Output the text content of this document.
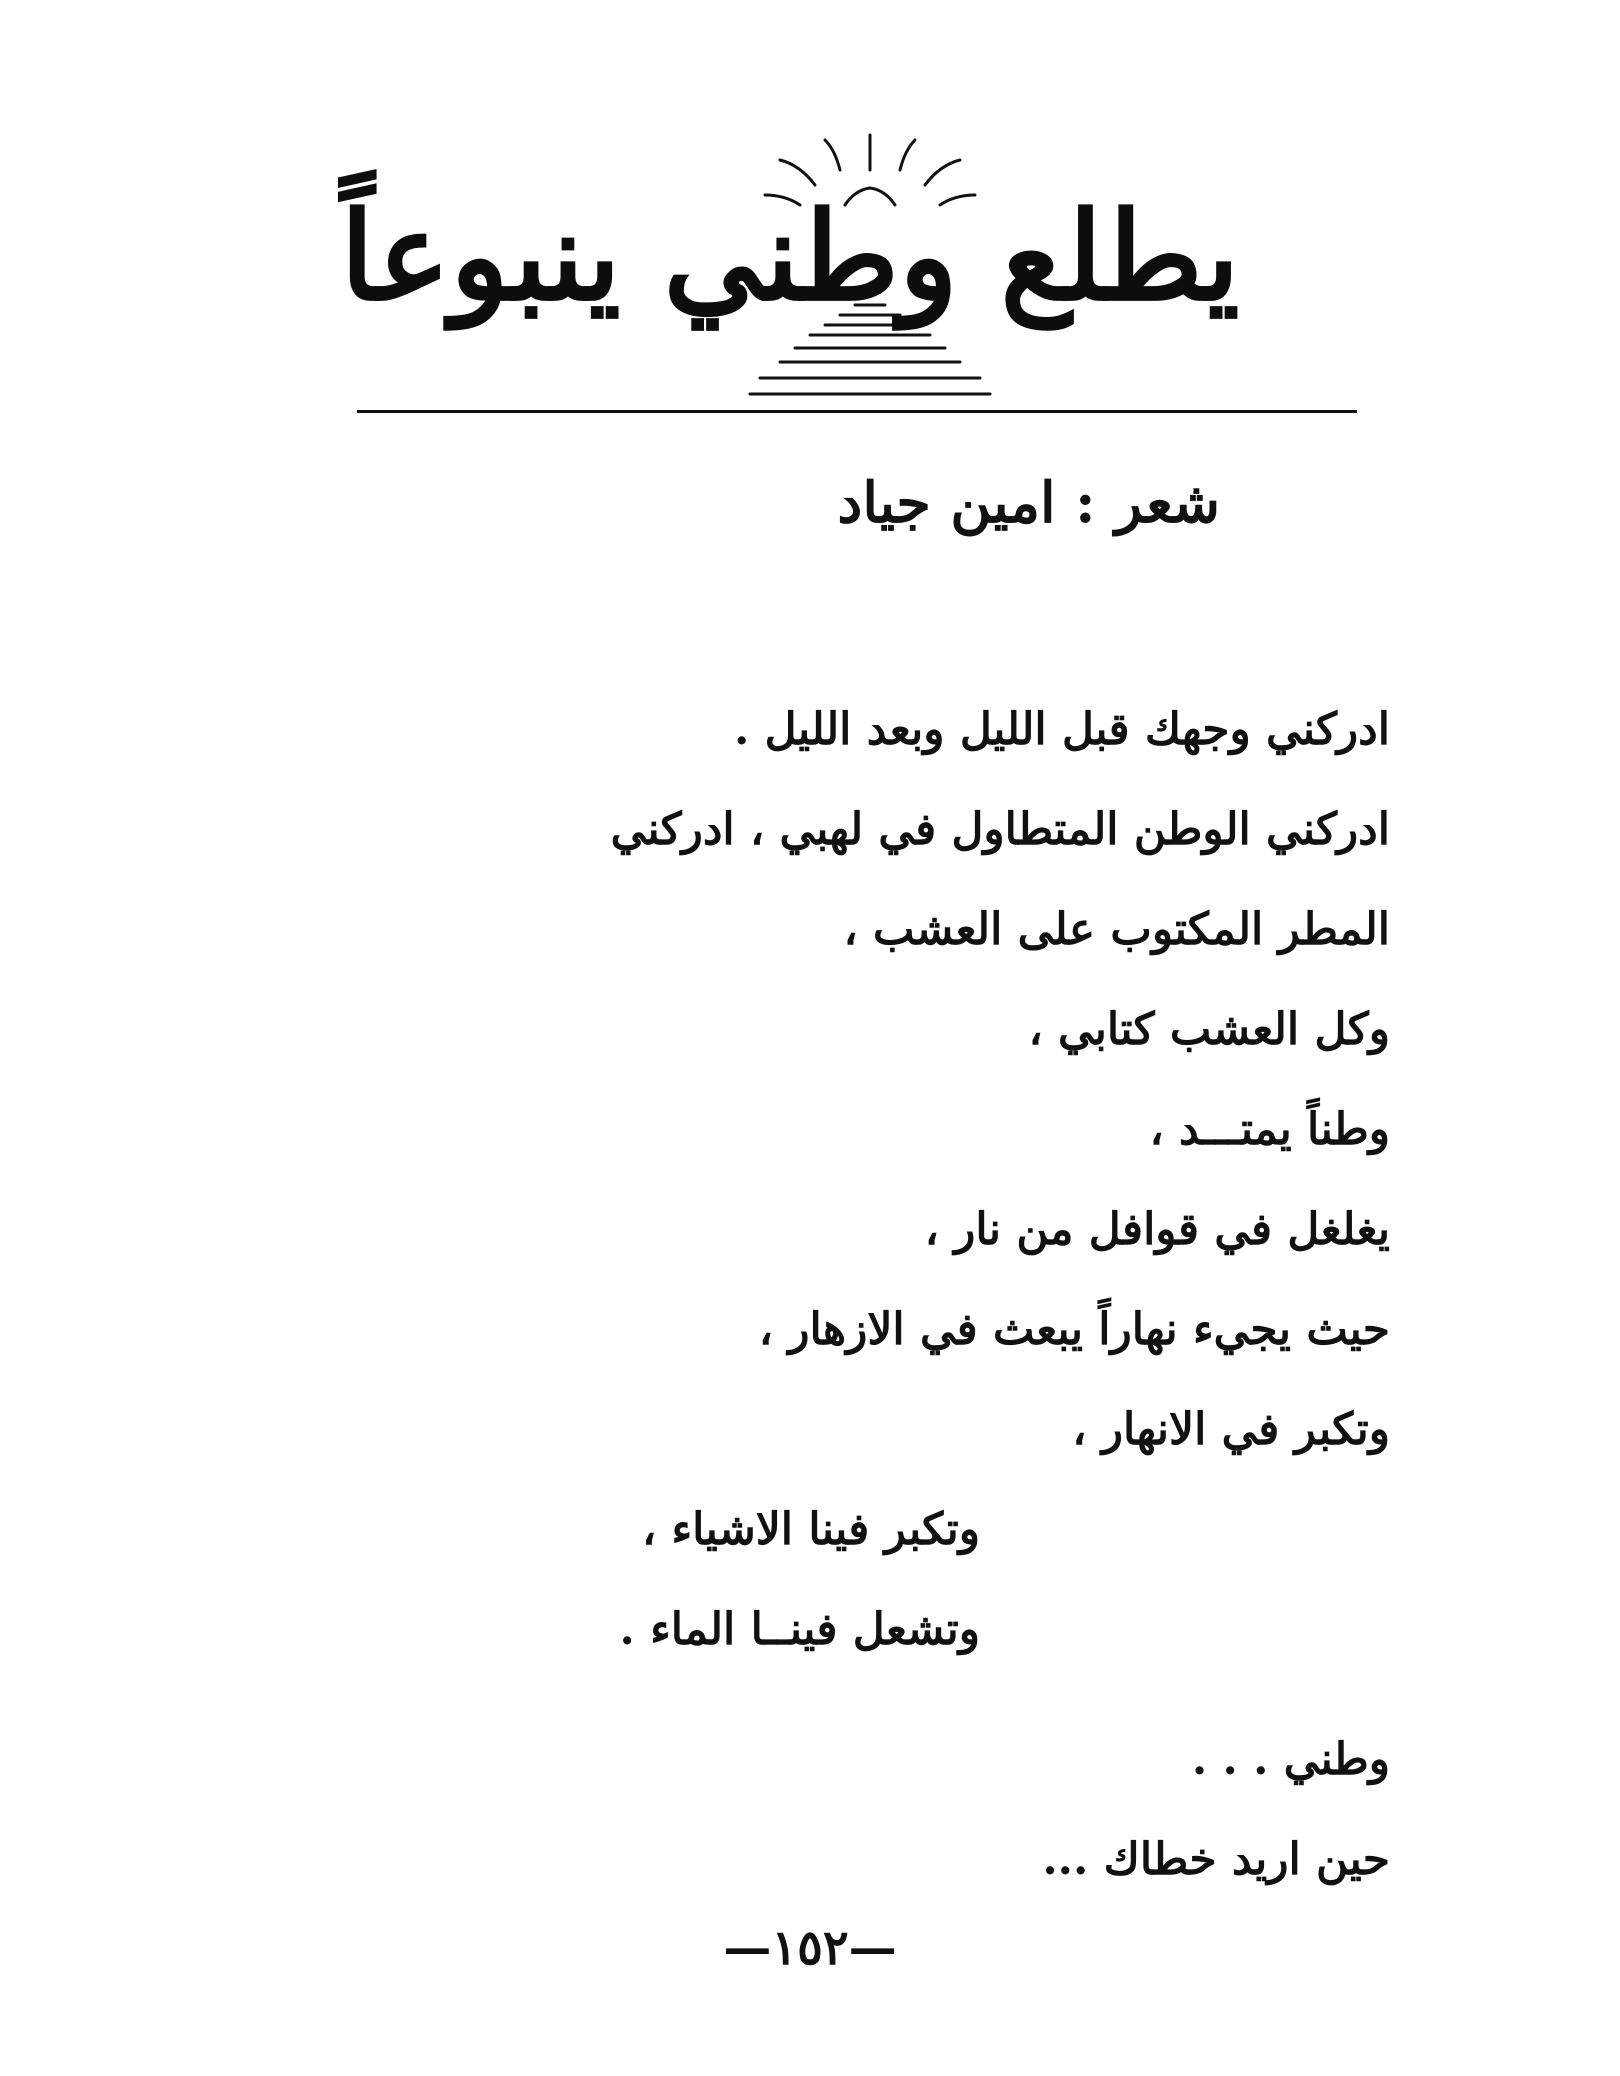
يطلع وطني ينبوعاً
شعر : امين جياد
ادركني وجهك قبل الليل وبعد الليل .
ادركني الوطن المتطاول في لهبي ، ادركني
المطر المكتوب على العشب ،
وكل العشب كتابي ،
وطناً يمتـــد ،
يغلغل في قوافل من نار ،
حيث يجيء نهاراً يبعث في الازهار ،
وتكبر في الانهار ،
وتكبر فينا الاشياء ،
وتشعل فينــا الماء .
وطني . . .
حين اريد خطاك ...
—١٥٢—
